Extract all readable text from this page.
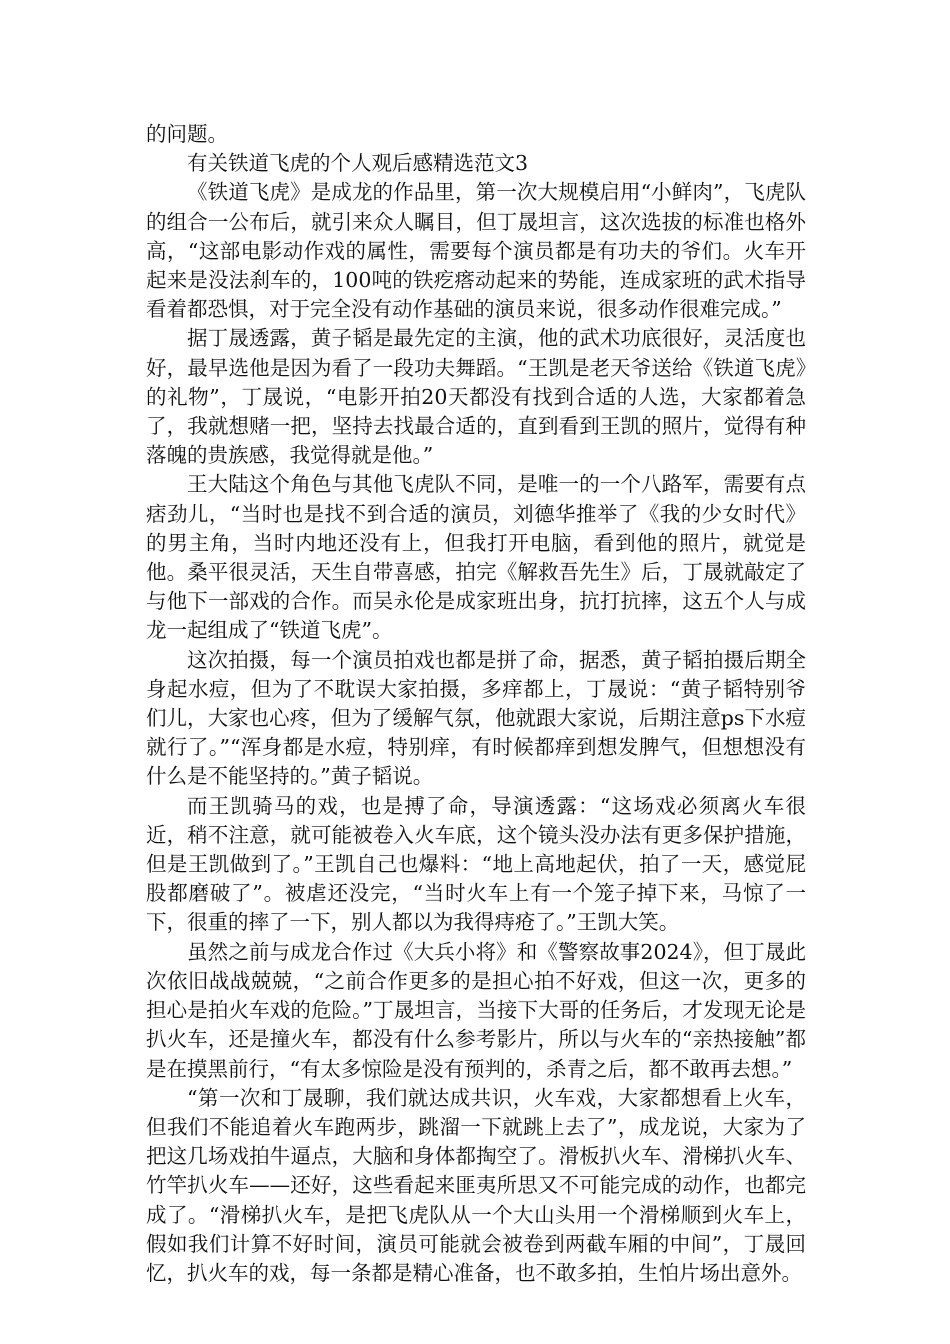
的问题。

有关铁道飞虎的个人观后感精选范文3

《铁道飞虎》是成龙的作品里，第一次大规模启用“小鲜肉”，飞虎队的组合一公布后，就引来众人瞩目，但丁晟坦言，这次选拔的标准也格外高，“这部电影动作戏的属性，需要每个演员都是有功夫的爷们。火车开起来是没法刹车的，100吨的铁疙瘩动起来的势能，连成家班的武术指导看着都恐惧，对于完全没有动作基础的演员来说，很多动作很难完成。”

据丁晟透露，黄子韬是最先定的主演，他的武术功底很好，灵活度也好，最早选他是因为看了一段功夫舞蹈。“王凯是老天爷送给《铁道飞虎》的礼物”，丁晟说，“电影开拍20天都没有找到合适的人选，大家都着急了，我就想赌一把，坚持去找最合适的，直到看到王凯的照片，觉得有种落魄的贵族感，我觉得就是他。”

王大陆这个角色与其他飞虎队不同，是唯一的一个八路军，需要有点痞劲儿，“当时也是找不到合适的演员，刘德华推举了《我的少女时代》的男主角，当时内地还没有上，但我打开电脑，看到他的照片，就觉是他。桑平很灵活，天生自带喜感，拍完《解救吾先生》后，丁晟就敲定了与他下一部戏的合作。而吴永伦是成家班出身，抗打抗摔，这五个人与成龙一起组成了“铁道飞虎”。

这次拍摄，每一个演员拍戏也都是拼了命，据悉，黄子韬拍摄后期全身起水痘，但为了不耽误大家拍摄，多痒都上，丁晟说：“黄子韬特别爷们儿，大家也心疼，但为了缓解气氛，他就跟大家说，后期注意ps下水痘就行了。”“浑身都是水痘，特别痒，有时候都痒到想发脾气，但想想没有什么是不能坚持的。”黄子韬说。

而王凯骑马的戏，也是搏了命，导演透露：“这场戏必须离火车很近，稍不注意，就可能被卷入火车底，这个镜头没办法有更多保护措施，但是王凯做到了。”王凯自己也爆料：“地上高地起伏，拍了一天，感觉屁股都磨破了”。被虐还没完，“当时火车上有一个笼子掉下来，马惊了一下，很重的摔了一下，别人都以为我得痔疮了。”王凯大笑。

虽然之前与成龙合作过《大兵小将》和《警察故事2024》，但丁晟此次依旧战战兢兢，“之前合作更多的是担心拍不好戏，但这一次，更多的担心是拍火车戏的危险。”丁晟坦言，当接下大哥的任务后，才发现无论是扒火车，还是撞火车，都没有什么参考影片，所以与火车的“亲热接触”都是在摸黑前行，“有太多惊险是没有预判的，杀青之后，都不敢再去想。”

“第一次和丁晟聊，我们就达成共识，火车戏，大家都想看上火车，但我们不能追着火车跑两步，跳溜一下就跳上去了”，成龙说，大家为了把这几场戏拍牛逼点，大脑和身体都掏空了。滑板扒火车、滑梯扒火车、竹竿扒火车——还好，这些看起来匪夷所思又不可能完成的动作，也都完成了。“滑梯扒火车，是把飞虎队从一个大山头用一个滑梯顺到火车上，假如我们计算不好时间，演员可能就会被卷到两截车厢的中间”，丁晟回忆，扒火车的戏，每一条都是精心准备，也不敢多拍，生怕片场出意外。
